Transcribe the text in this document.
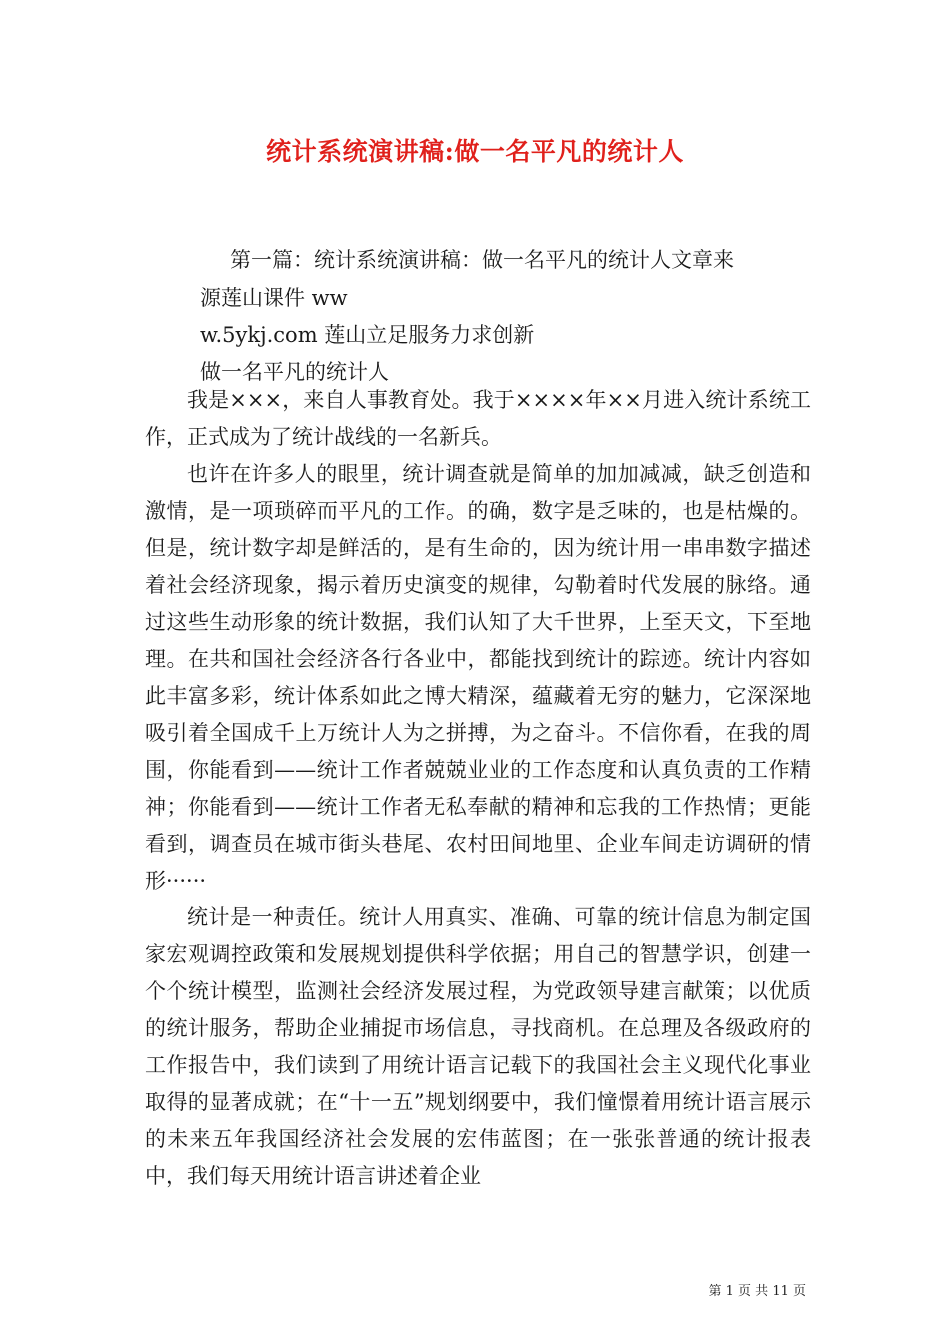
统计系统演讲稿:做一名平凡的统计人
第一篇：统计系统演讲稿：做一名平凡的统计人文章来
源莲山课件 ww
w.5ykj.com 莲山立足服务力求创新
做一名平凡的统计人
我是×××，来自人事教育处。我于××××年××月进入统计系统工作，正式成为了统计战线的一名新兵。
也许在许多人的眼里，统计调查就是简单的加加减减，缺乏创造和激情，是一项琐碎而平凡的工作。的确，数字是乏味的，也是枯燥的。但是，统计数字却是鲜活的，是有生命的，因为统计用一串串数字描述着社会经济现象，揭示着历史演变的规律，勾勒着时代发展的脉络。通过这些生动形象的统计数据，我们认知了大千世界，上至天文，下至地理。在共和国社会经济各行各业中，都能找到统计的踪迹。统计内容如此丰富多彩，统计体系如此之博大精深，蕴藏着无穷的魅力，它深深地吸引着全国成千上万统计人为之拼搏，为之奋斗。不信你看，在我的周围，你能看到——统计工作者兢兢业业的工作态度和认真负责的工作精神；你能看到——统计工作者无私奉献的精神和忘我的工作热情；更能看到，调查员在城市街头巷尾、农村田间地里、企业车间走访调研的情形······
统计是一种责任。统计人用真实、准确、可靠的统计信息为制定国家宏观调控政策和发展规划提供科学依据；用自己的智慧学识，创建一个个统计模型，监测社会经济发展过程，为党政领导建言献策；以优质的统计服务，帮助企业捕捉市场信息，寻找商机。在总理及各级政府的工作报告中，我们读到了用统计语言记载下的我国社会主义现代化事业取得的显著成就；在“十一五”规划纲要中，我们憧憬着用统计语言展示的未来五年我国经济社会发展的宏伟蓝图；在一张张普通的统计报表中，我们每天用统计语言讲述着企业
第 1 页 共 11 页
